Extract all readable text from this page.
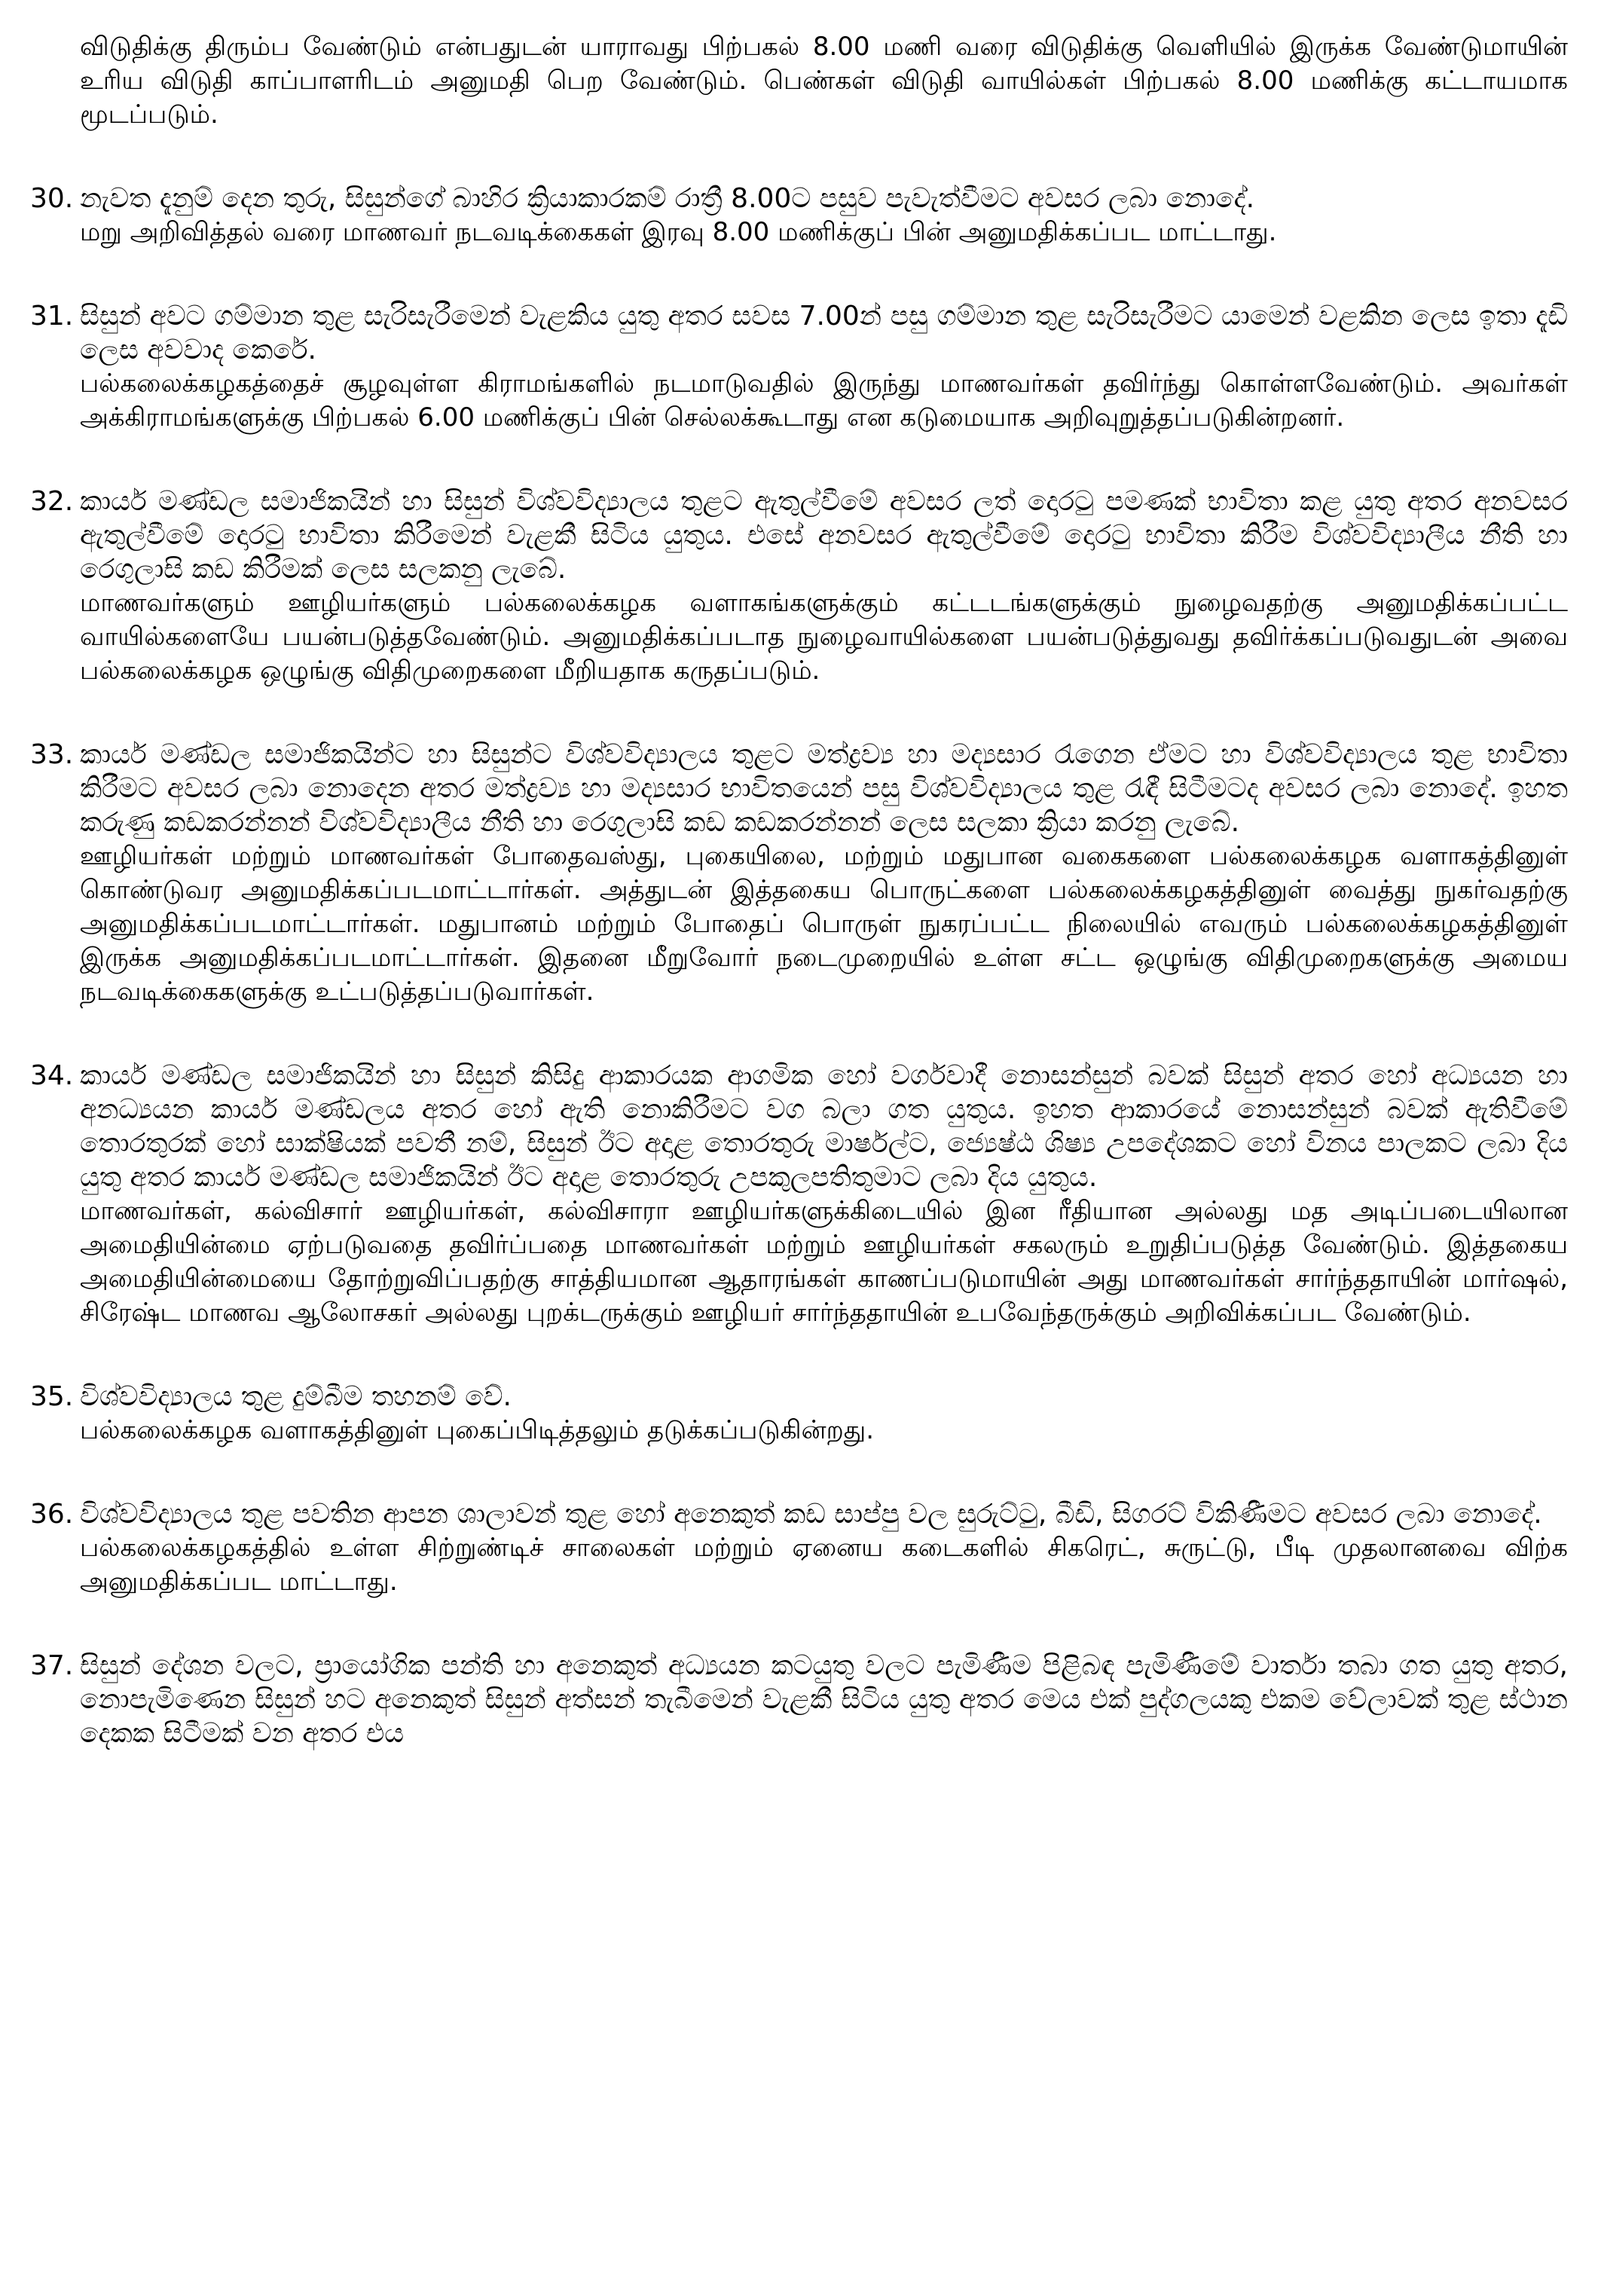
விடுதிக்கு திரும்ப வேண்டும் என்பதுடன் யாராவது பிற்பகல் 8.00 மணி வரை விடுதிக்கு வெளியில் இருக்க வேண்டுமாயின் உரிய விடுதி காப்பாளரிடம் அனுமதி பெற வேண்டும். பெண்கள் விடுதி வாயில்கள் பிற்பகல் 8.00 மணிக்கு கட்டாயமாக மூடப்படும்.

30. නැවත දැනුම් දෙන තුරු, සිසුන්ගේ බාහිර ක්‍රියාකාරකම් රාත්‍රී 8.00ට පසුව පැවැත්වීමට අවසර ලබා නොදේ.

மறு அறிவித்தல் வரை மாணவர் நடவடிக்கைகள் இரவு 8.00 மணிக்குப் பின் அனுமதிக்கப்பட மாட்டாது.

31. සිසුන් අවට ගම්මාන තුළ සැරිසැරීමෙන් වැළකිය යුතු අතර සවස 7.00න් පසු ගම්මාන තුළ සැරිසැරීමට යාමෙන් වළකින ලෙස ඉතා දැඩි ලෙස අවවාද කෙරේ.

பல்கலைக்கழகத்தைச் சூழவுள்ள கிராமங்களில் நடமாடுவதில் இருந்து மாணவர்கள் தவிர்ந்து கொள்ளவேண்டும். அவர்கள் அக்கிராமங்களுக்கு பிற்பகல் 6.00 மணிக்குப் பின் செல்லக்கூடாது என கடுமையாக அறிவுறுத்தப்படுகின்றனர்.

32. කාර්ය මණ්ඩල සමාජිකයින් හා සිසුන් විශ්වවිද්‍යාලය තුළට ඇතුල්වීමේ අවසර ලත් දොරටු පමණක් භාවිතා කළ යුතු අතර අනවසර ඇතුල්වීමේ දොරටු භාවිතා කිරීමෙන් වැළකී සිටිය යුතුය. එසේ අනවසර ඇතුල්වීමේ දොරටු භාවිතා කිරීම විශ්වවිද්‍යාලීය නීති හා රෙගුලාසි කඩ කිරීමක් ලෙස සලකනු ලැබේ.

மாணவர்களும் ஊழியர்களும் பல்கலைக்கழக வளாகங்களுக்கும் கட்டடங்களுக்கும் நுழைவதற்கு அனுமதிக்கப்பட்ட வாயில்களையே பயன்படுத்தவேண்டும். அனுமதிக்கப்படாத நுழைவாயில்களை பயன்படுத்துவது தவிர்க்கப்படுவதுடன் அவை பல்கலைக்கழக ஒழுங்கு விதிமுறைகளை மீறியதாக கருதப்படும்.

33. කාර්ය මණ්ඩල සමාජිකයින්ට හා සිසුන්ට විශ්වවිද්‍යාලය තුළට මත්ද්‍රව්‍ය හා මද්‍යසාර රැගෙන ඒමට හා විශ්වවිද්‍යාලය තුළ භාවිතා කිරීමට අවසර ලබා නොදෙන අතර මත්ද්‍රව්‍ය හා මද්‍යසාර භාවිතයෙන් පසු විශ්වවිද්‍යාලය තුළ රැඳී සිටීමටද අවසර ලබා නොදේ. ඉහත කරුණු කඩකරන්නන් විශ්වවිද්‍යාලීය නීති හා රෙගුලාසි කඩ කඩකරන්නන් ලෙස සලකා ක්‍රියා කරනු ලැබේ.

ஊழியர்கள் மற்றும் மாணவர்கள் போதைவஸ்து, புகையிலை, மற்றும் மதுபான வகைகளை பல்கலைக்கழக வளாகத்தினுள் கொண்டுவர அனுமதிக்கப்படமாட்டார்கள். அத்துடன் இத்தகைய பொருட்களை பல்கலைக்கழகத்தினுள் வைத்து நுகர்வதற்கு அனுமதிக்கப்படமாட்டார்கள். மதுபானம் மற்றும் போதைப் பொருள் நுகரப்பட்ட நிலையில் எவரும் பல்கலைக்கழகத்தினுள் இருக்க அனுமதிக்கப்படமாட்டார்கள். இதனை மீறுவோர் நடைமுறையில் உள்ள சட்ட ஒழுங்கு விதிமுறைகளுக்கு அமைய நடவடிக்கைகளுக்கு உட்படுத்தப்படுவார்கள்.

34. කාර්ය මණ්ඩල සමාජිකයින් හා සිසුන් කිසිදු ආකාරයක ආගමික හෝ වර්ගවාදී නොසන්සුන් බවක් සිසුන් අතර හෝ අධ්‍යයන හා අනධ්‍යයන කාර්ය මණ්ඩලය අතර හෝ ඇති නොකිරීමට වග බලා ගත යුතුය. ඉහත ආකාරයේ නොසන්සුන් බවක් ඇතිවීමේ තොරතුරක් හෝ සාක්ෂියක් පවතී නම්, සිසුන් ඊට අදාළ තොරතුරු මාර්ෂල්ට, ජ්‍යෙෂ්ඨ ශිෂ්‍ය උපදේශකට හෝ විනය පාලකට ලබා දිය යුතු අතර කාර්ය මණ්ඩල සමාජිකයින් ඊට අදාළ තොරතුරු උපකුලපතිතුමාට ලබා දිය යුතුය.

மாணவர்கள், கல்விசார் ஊழியர்கள், கல்விசாரா ஊழியர்களுக்கிடையில் இன ரீதியான அல்லது மத அடிப்படையிலான அமைதியின்மை ஏற்படுவதை தவிர்ப்பதை மாணவர்கள் மற்றும் ஊழியர்கள் சகலரும் உறுதிப்படுத்த வேண்டும். இத்தகைய அமைதியின்மையை தோற்றுவிப்பதற்கு சாத்தியமான ஆதாரங்கள் காணப்படுமாயின் அது மாணவர்கள் சார்ந்ததாயின் மார்ஷல், சிரேஷ்ட மாணவ ஆலோசகர் அல்லது புறக்டருக்கும் ஊழியர் சார்ந்ததாயின் உபவேந்தருக்கும் அறிவிக்கப்பட வேண்டும்.

35. විශ්වවිද්‍යාලය තුළ දුම්බීම තහනම් වේ.

பல்கலைக்கழக வளாகத்தினுள் புகைப்பிடித்தலும் தடுக்கப்படுகின்றது.

36. විශ්වවිද්‍යාලය තුළ පවතින ආපන ශාලාවන් තුළ හෝ අනෙකුත් කඩ සාප්පු වල සුරුට්ටු, බීඩි, සිගරට් විකිණීමට අවසර ලබා නොදේ.

பல்கலைக்கழகத்தில் உள்ள சிற்றுண்டிச் சாலைகள் மற்றும் ஏனைய கடைகளில் சிகரெட், சுருட்டு, பீடி முதலானவை விற்க அனுமதிக்கப்பட மாட்டாது.

37. සිසුන් දේශන වලට, ප්‍රායෝගික පන්ති හා අනෙකුත් අධ්‍යයන කටයුතු වලට පැමිණීම පිළිබඳ පැමිණීමේ වාර්තා තබා ගත යුතු අතර, නොපැමිණෙන සිසුන් හට අනෙකුත් සිසුන් අත්සන් තැබීමෙන් වැළකී සිටිය යුතු අතර මෙය එක් පුද්ගලයකු එකම වේලාවක් තුළ ස්ථාන දෙකක සිටීමක් වන අතර එය
